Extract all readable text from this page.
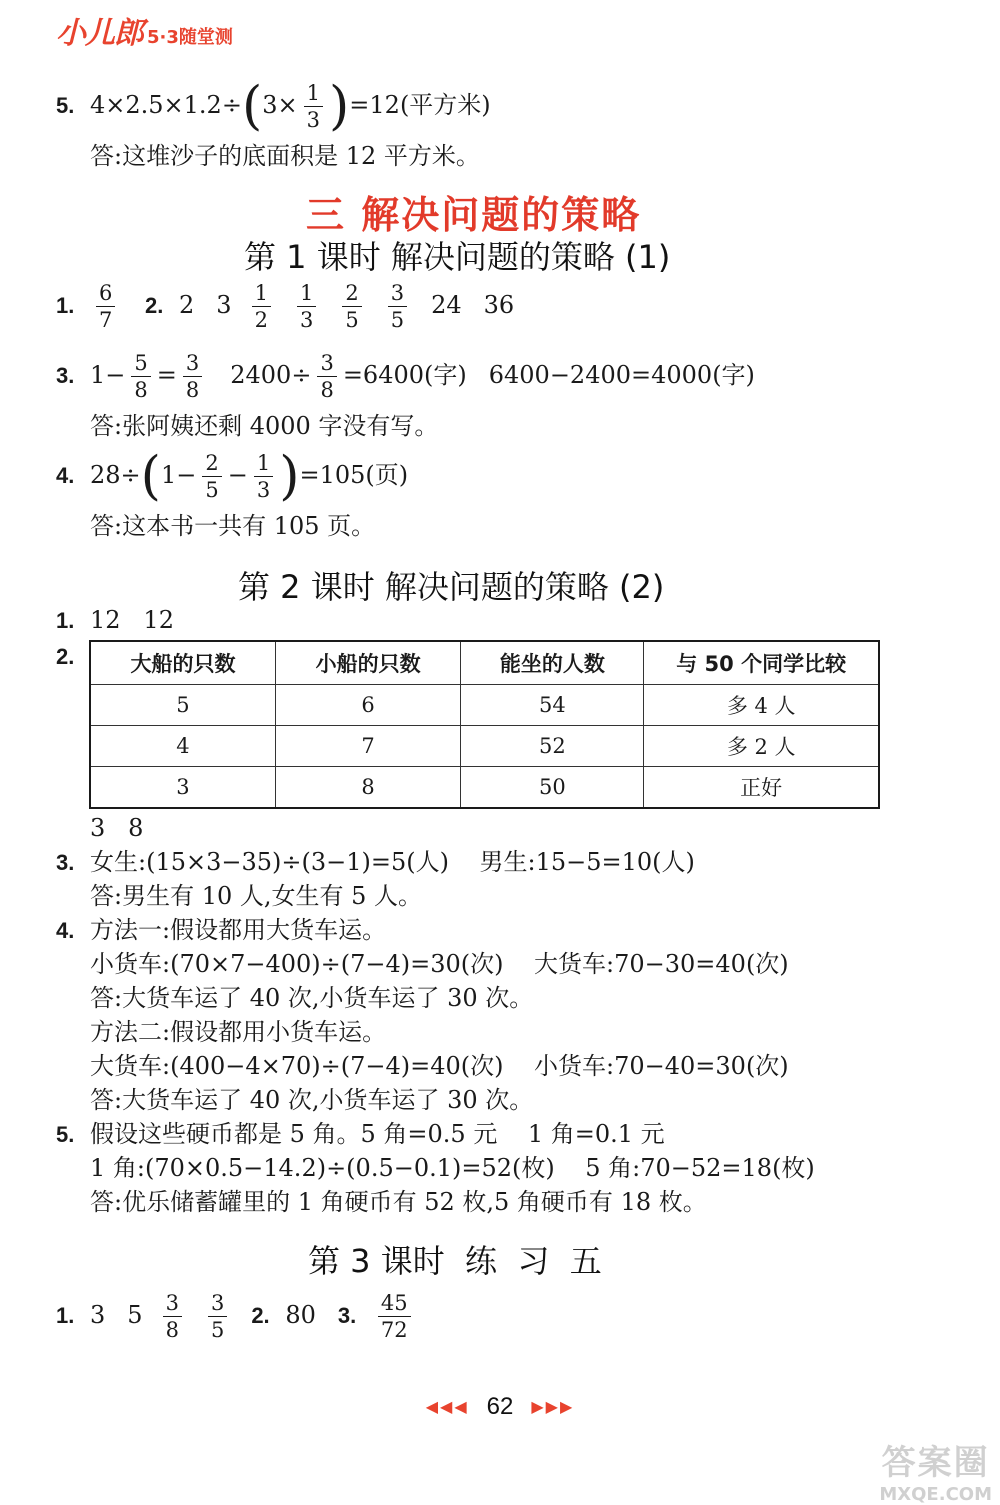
小儿郎 5·3随堂测
5. $4\times 2.5\times 1.2\div(3\times \frac{1}{3} )=12$(平方米)
答:这堆沙子的底面积是 12 平方米。
三 解决问题的策略
第 1 课时 解决问题的策略 (1)
1. $\frac{6}{7} 2$. 2 $3 \frac{1}{2} \frac{1}{3} \frac{2}{5} \frac{3}{5} 24$ 36
3. $1- \frac{5}{8} = \frac{3}{8} 2400\div \frac{3}{8} =6400$(字) 6400−2400=4000(字)
答:张阿姨还剩 4000 字没有写。
4. $28\div(1- \frac{2}{5} - \frac{1}{3} )=105$(页)
答:这本书一共有 105 页。
第 2 课时 解决问题的策略 (2)
1. 12   12
2.	大船的只数	小船的只数	能坐的人数	与 50 个同学比较
5	6	54	多 4 人
4	7	52	多 2 人
3	8	50	正好
3   8
3. 女生:(15×3−35)÷(3−1)=5(人)    男生:15−5=10(人)
答:男生有 10 人,女生有 5 人。
4. 方法一:假设都用大货车运。
小货车:(70×7−400)÷(7−4)=30(次)    大货车:70−30=40(次)
答:大货车运了 40 次,小货车运了 30 次。
方法二:假设都用小货车运。
大货车:(400−4×70)÷(7−4)=40(次)    小货车:70−40=30(次)
答:大货车运了 40 次,小货车运了 30 次。
5. 假设这些硬币都是 5 角。5 角=0.5 元    1 角=0.1 元
1 角:(70×0.5−14.2)÷(0.5−0.1)=52(枚)    5 角:70−52=18(枚)
答:优乐储蓄罐里的 1 角硬币有 52 枚,5 角硬币有 18 枚。
第 3 课时  练  习  五
1. 3 $5 \frac{3}{8} \frac{3}{5} 2$. 80 3. $\frac{45}{72}$
◀◀◀ 62 ▶▶▶
答案圈
MXQE.COM
